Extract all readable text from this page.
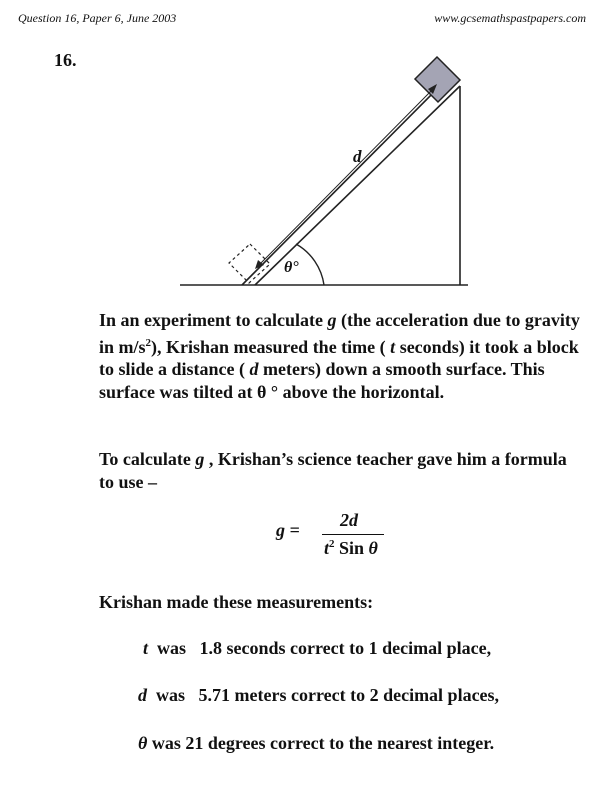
Question 16, Paper 6, June 2003	www.gcsemathspastpapers.com
16.
d
θ°
In an experiment to calculate g (the acceleration due to gravity in $m/s^2$), Krishan measured the time ( t seconds) it took a block to slide a distance ( d meters) down a smooth surface. This surface was tilted at θ ° above the horizontal.
To calculate g , Krishan’s science teacher gave him a formula to use –
g = 2d
$t^2$ Sin θ
Krishan made these measurements:
t  was   1.8 seconds correct to 1 decimal place,
d  was   5.71 meters correct to 2 decimal places,
θ was 21 degrees correct to the nearest integer.
